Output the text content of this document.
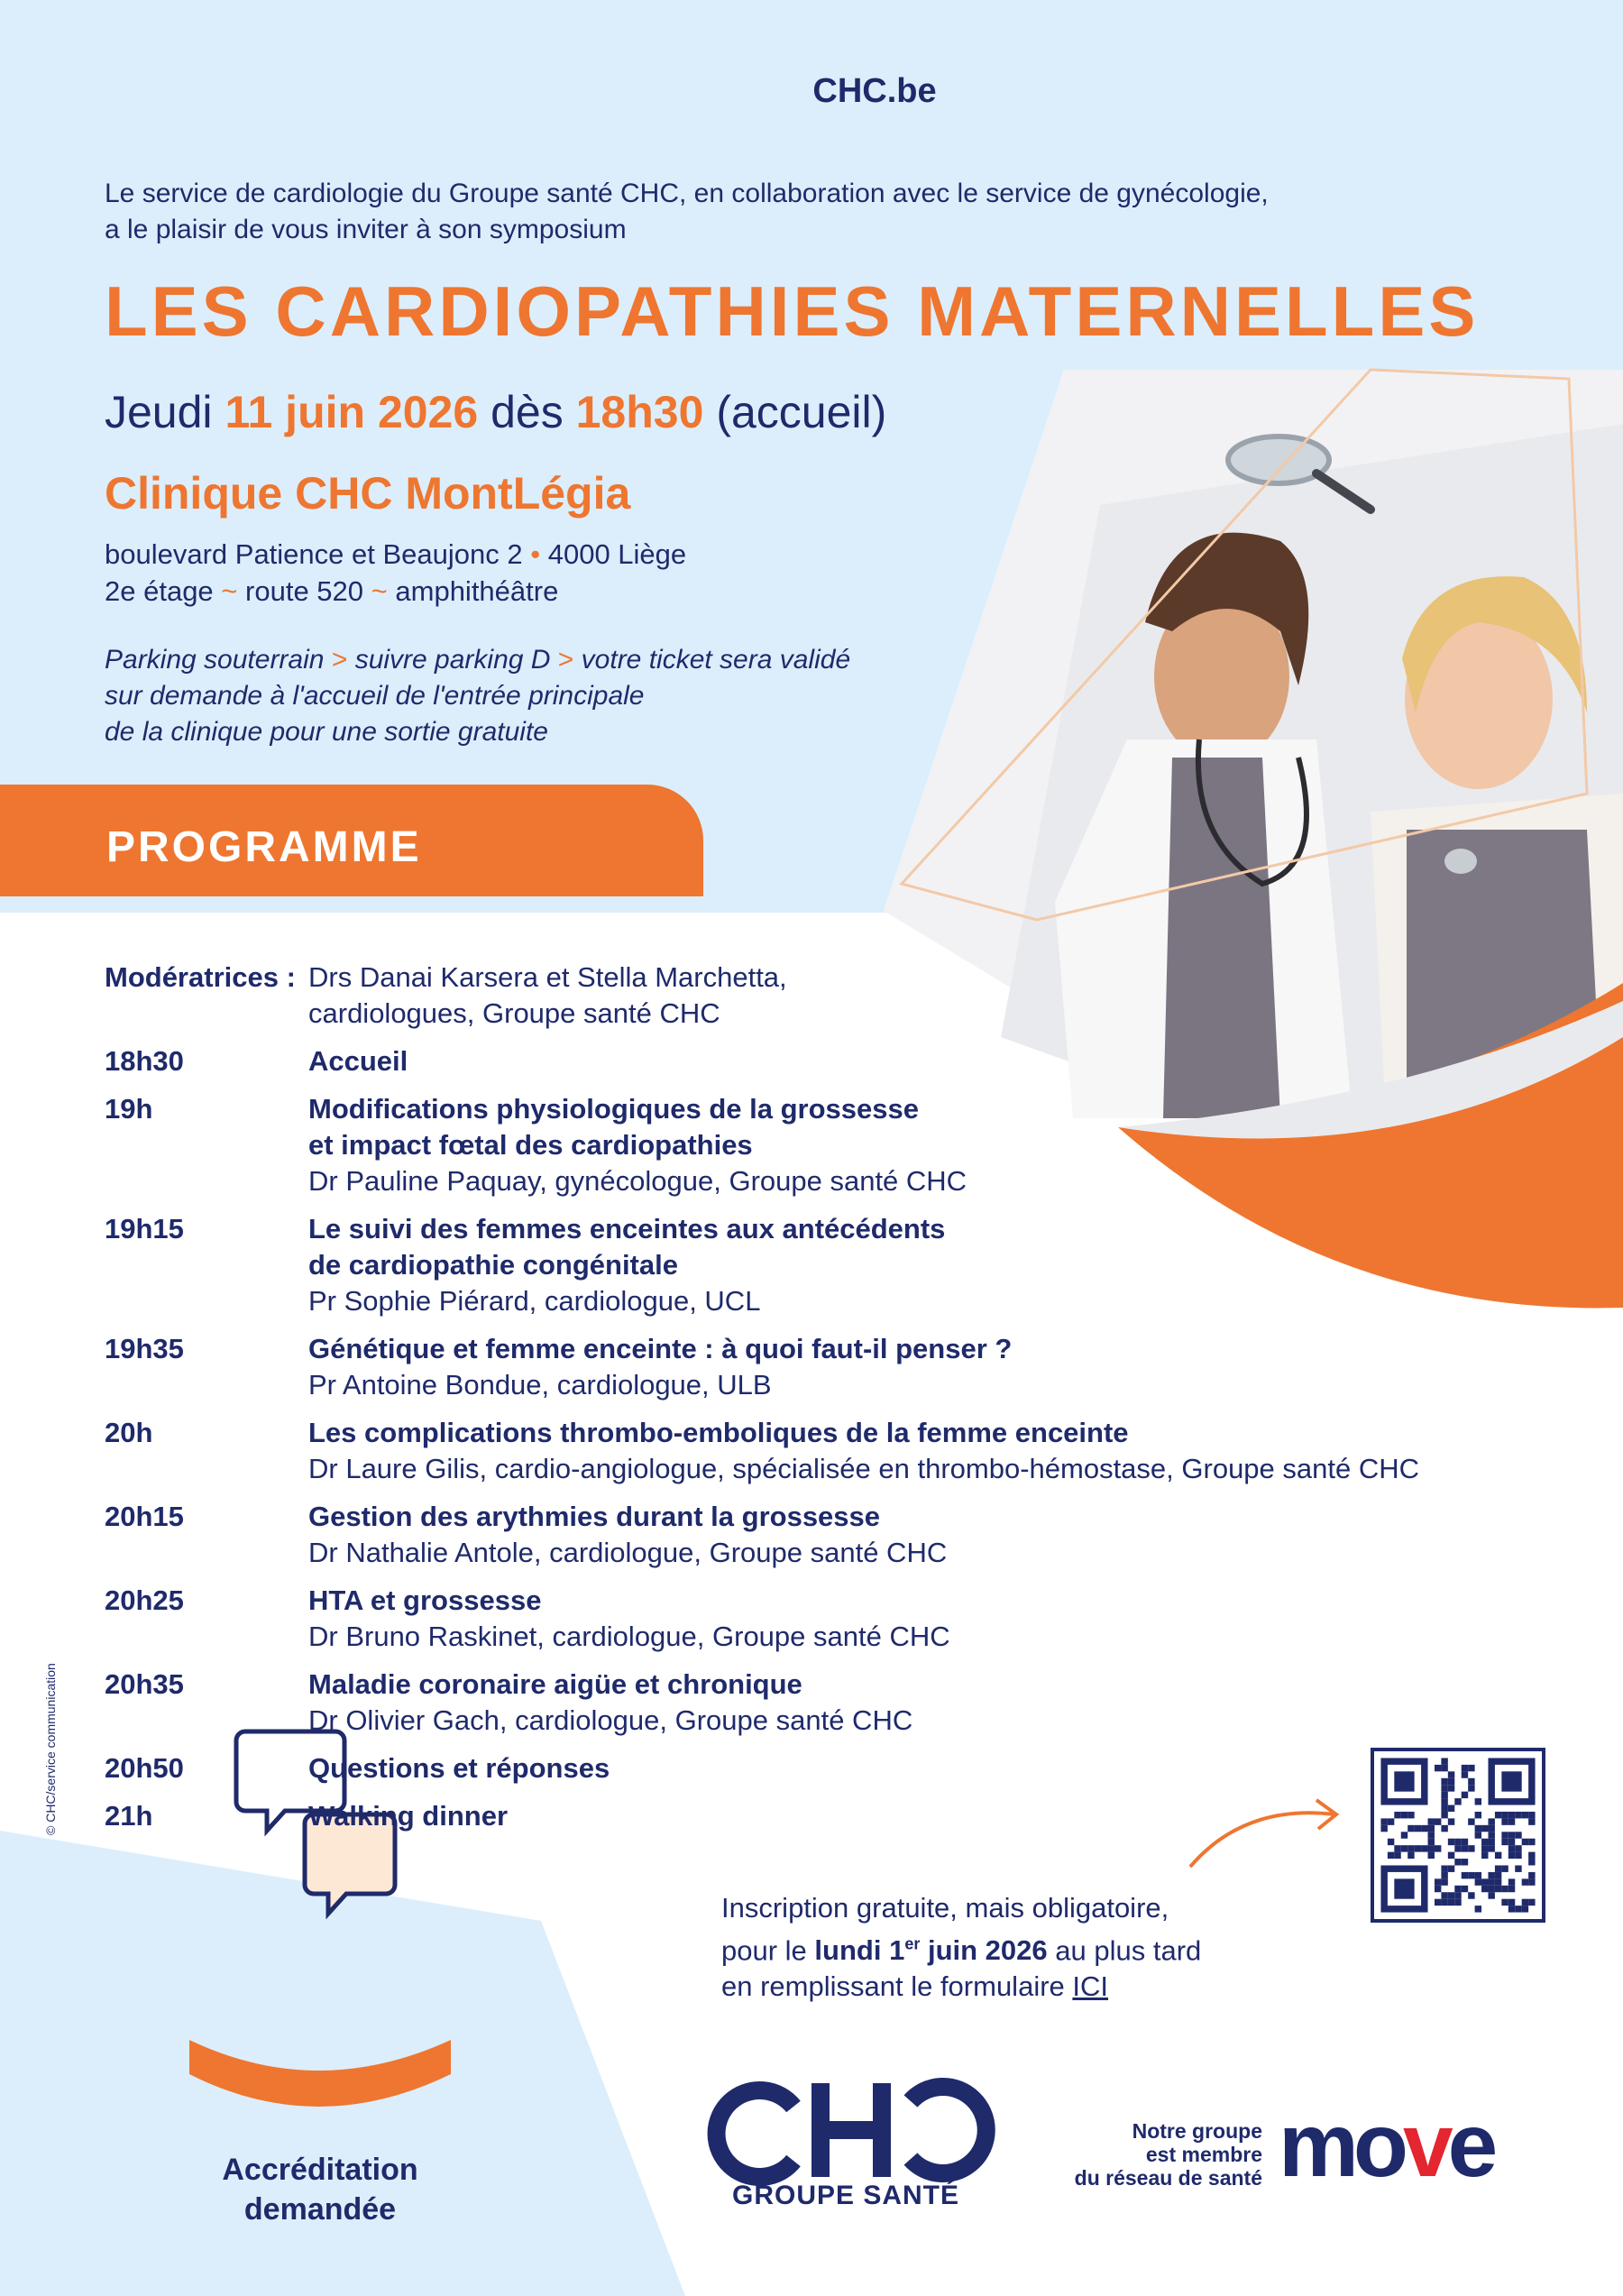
CHC.be
Le service de cardiologie du Groupe santé CHC, en collaboration avec le service de gynécologie,
a le plaisir de vous inviter à son symposium
LES CARDIOPATHIES MATERNELLES
Jeudi 11 juin 2026 dès 18h30 (accueil)
Clinique CHC MontLégia
boulevard Patience et Beaujonc 2 • 4000 Liège
2e étage ~ route 520 ~ amphithéâtre
Parking souterrain > suivre parking D > votre ticket sera validé
sur demande à l'accueil de l'entrée principale
de la clinique pour une sortie gratuite
PROGRAMME
Modératrices : Drs Danai Karsera et Stella Marchetta,
cardiologues, Groupe santé CHC
18h30	Accueil
19h	Modifications physiologiques de la grossesse
et impact fœtal des cardiopathies
Dr Pauline Paquay, gynécologue, Groupe santé CHC
19h15	Le suivi des femmes enceintes aux antécédents
de cardiopathie congénitale
Pr Sophie Piérard, cardiologue, UCL
19h35	Génétique et femme enceinte : à quoi faut-il penser ?
Pr Antoine Bondue, cardiologue, ULB
20h	Les complications thrombo-emboliques de la femme enceinte
Dr Laure Gilis, cardio-angiologue, spécialisée en thrombo-hémostase, Groupe santé CHC
20h15	Gestion des arythmies durant la grossesse
Dr Nathalie Antole, cardiologue, Groupe santé CHC
20h25	HTA et grossesse
Dr Bruno Raskinet, cardiologue, Groupe santé CHC
20h35	Maladie coronaire aigüe et chronique
Dr Olivier Gach, cardiologue, Groupe santé CHC
20h50	Questions et réponses
21h	Walking dinner
© CHC/service communication
Inscription gratuite, mais obligatoire,
pour le lundi 1er juin 2026 au plus tard
en remplissant le formulaire ICI
Accréditation
demandée	GROUPE SANTÉ
Notre groupe
est membre
du réseau de santé move
